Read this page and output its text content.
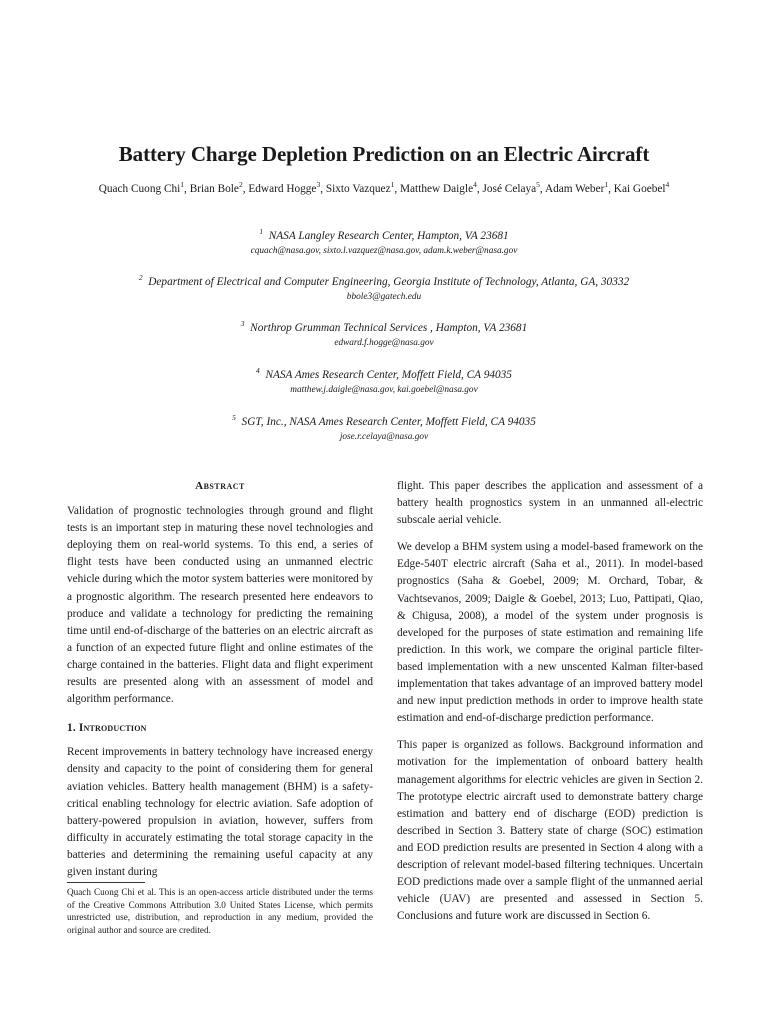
Battery Charge Depletion Prediction on an Electric Aircraft
Quach Cuong Chi$^1$, Brian Bole$^2$, Edward Hogge$^3$, Sixto Vazquez$^1$, Matthew Daigle$^4$, José Celaya$^5$, Adam Weber$^1$, Kai Goebel$^4$
$^1$ NASA Langley Research Center, Hampton, VA 23681
cquach@nasa.gov, sixto.l.vazquez@nasa.gov, adam.k.weber@nasa.gov
$^2$ Department of Electrical and Computer Engineering, Georgia Institute of Technology, Atlanta, GA, 30332
bbole3@gatech.edu
$^3$ Northrop Grumman Technical Services , Hampton, VA 23681
edward.f.hogge@nasa.gov
$^4$ NASA Ames Research Center, Moffett Field, CA 94035
matthew.j.daigle@nasa.gov, kai.goebel@nasa.gov
$^5$ SGT, Inc., NASA Ames Research Center, Moffett Field, CA 94035
jose.r.celaya@nasa.gov
Abstract

Validation of prognostic technologies through ground and flight tests is an important step in maturing these novel technologies and deploying them on real-world systems. To this end, a series of flight tests have been conducted using an unmanned electric vehicle during which the motor system batteries were monitored by a prognostic algorithm. The research presented here endeavors to produce and validate a technology for predicting the remaining time until end-of-discharge of the batteries on an electric aircraft as a function of an expected future flight and online estimates of the charge contained in the batteries. Flight data and flight experiment results are presented along with an assessment of model and algorithm performance.

1. Introduction

Recent improvements in battery technology have increased energy density and capacity to the point of considering them for general aviation vehicles. Battery health management (BHM) is a safety-critical enabling technology for electric aviation. Safe adoption of battery-powered propulsion in aviation, however, suffers from difficulty in accurately estimating the total storage capacity in the batteries and determining the remaining useful capacity at any given instant during

flight. This paper describes the application and assessment of a battery health prognostics system in an unmanned all-electric subscale aerial vehicle.

We develop a BHM system using a model-based framework on the Edge-540T electric aircraft (Saha et al., 2011). In model-based prognostics (Saha & Goebel, 2009; M. Orchard, Tobar, & Vachtsevanos, 2009; Daigle & Goebel, 2013; Luo, Pattipati, Qiao, & Chigusa, 2008), a model of the system under prognosis is developed for the purposes of state estimation and remaining life prediction. In this work, we compare the original particle filter-based implementation with a new unscented Kalman filter-based implementation that takes advantage of an improved battery model and new input prediction methods in order to improve health state estimation and end-of-discharge prediction performance.

This paper is organized as follows. Background information and motivation for the implementation of onboard battery health management algorithms for electric vehicles are given in Section 2. The prototype electric aircraft used to demonstrate battery charge estimation and battery end of discharge (EOD) prediction is described in Section 3. Battery state of charge (SOC) estimation and EOD prediction results are presented in Section 4 along with a description of relevant model-based filtering techniques. Uncertain EOD predictions made over a sample flight of the unmanned aerial vehicle (UAV) are presented and assessed in Section 5. Conclusions and future work are discussed in Section 6.

Quach Cuong Chi et al. This is an open-access article distributed under the terms of the Creative Commons Attribution 3.0 United States License, which permits unrestricted use, distribution, and reproduction in any medium, provided the original author and source are credited.
